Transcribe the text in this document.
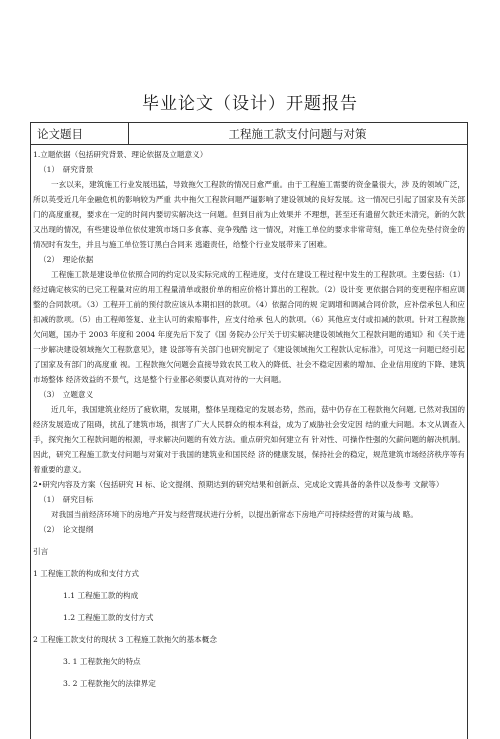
毕业论文（设计）开题报告
论文题目	工程施工款支付问题与对策

1.立题依据（包括研究背景、理论依据及立题意义）

（1）　研究背景

一玄以来，建筑施工行业发展迅猛，导致拖欠工程款的情况日愈严重。由于工程施工需要的资金量很大，涉 及的领域广泛，所以英受近几年金融危机的影响较为严重 共中拖欠工程款问题严逼影响了建设领域的良好发展。这一情况已引起了国家及有关部门的高度重视，要求在一定的时间内要切实解决这一问题。但到目前为止效果并 不理想，甚至还有遗留欠款还未清完，新的欠款又出现的情况，有些建设单位依仗建筑市场口多食寡、竞争残酷 这一情况，对施工单位的要求非常苛刻，施工单位先垫付资金的情况时有发生，并且与施工单位签订黑白合同来 逃避责任，给整个行业发展带来了困难。

（2）　理论依据

工程施工款是建设单位依照合同的约定以及实际完成的工程进度，支付在建设工程过程中发生的工程款项。主要包括:（1）经过确定核实的已完工程量对应的用工程量清单或报价单的相应价格计算出的工程款。（2）设计变 更依据合同的变更程序相应调整的合同款项。（3）工程开工前的预付款应该从本期扣回的款项。（4）依据合同的规 定调增和调减合同价款，应补偿承包人和应扣减的款项。（5）由工程师签复、业主认可的索赔事件，应支付给承 包人的款项。（6）其他应支付或扣减的款项。针对工程款拖欠问题，国办于 2003 年度和 2004 年度先后下发了《国 务院办公厅关于切实解决建设领域拖欠工程款问题的通知》和《关于进一步解决建设领域拖欠工程款意见》，建 设部等有关部门也研究制定了《建设领域拖欠工程款认定标准》，可见这一问题已经引起了国家及有部门的高度重 视。工程款拖欠问题会直接导致农民工收入的降低、社会不稳定因素的增加、企业信用度的下降、建筑市场整体 经济效益的不景气，这是整个行业都必须要认真对待的一大问题。

（3）　立题意义

近几年，我国建筑业经历了疲软期，发展期，整体呈现稳定的发展态势，然而，菇中仍存在工程款拖欠问题, 已然对我国的经济发展造成了阻碍，扰乱了建筑市场，损害了广大人民群众的根本利益，成为了威胁社会安定因 结的重大问题。本文从调查入手，探究拖欠工程款问题的根源，寻求解决问题的有效方法。重点研究如何建立有 针对性、可操作性强的欠薪问题的解决机制。因此，研究工程施工款支付问题与对策对于我国的建筑业和国民经 济的健康发展，保持社会的稳定，规范建筑市场经济秩序等有着重要的意义。

2•研究内容及方案（包括研究 H 标、论文提纲、预期达到的研究结果和创新点、完成论文需具备的条件以及参考 文献等）

（1）　研究目标

对我国当前经济环境下的房地产开发与经营现状进行分析，以提出新常态下房地产可持续经营的对策与战 略。

（2）　论文提纲

引言

1 工程施工款的构成和支付方式

1.1 工程施工款的构成

1.2 工程施工款的支付方式

2 工程施工款支付的现状 3 工程施工款拖欠的基本概念

3. 1 工程款拖欠的特点

3. 2 工程款拖欠的法律界定
